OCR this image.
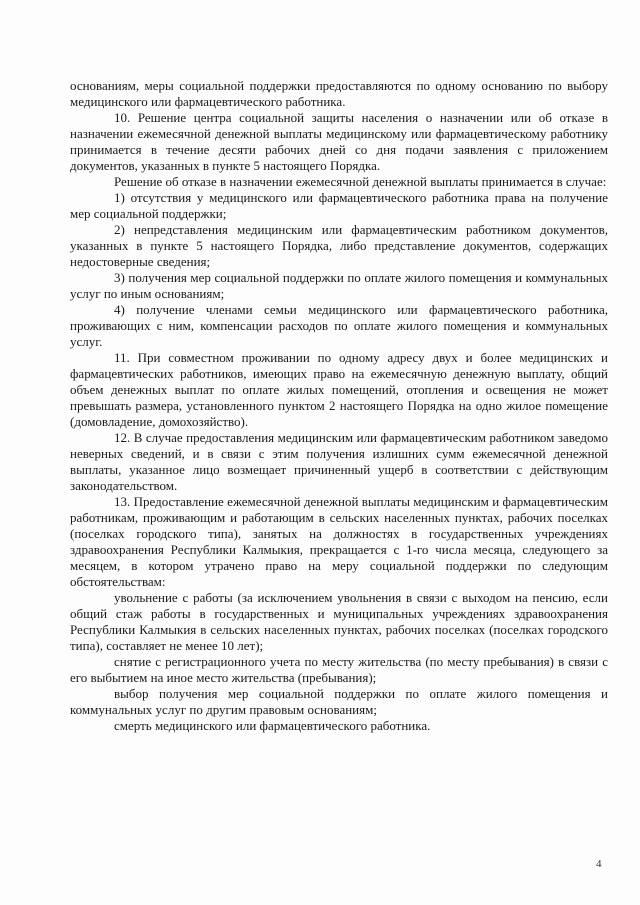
основаниям, меры социальной поддержки предоставляются по одному основанию по выбору медицинского или фармацевтического работника.

10. Решение центра социальной защиты населения о назначении или об отказе в назначении ежемесячной денежной выплаты медицинскому или фармацевтическому работнику принимается в течение десяти рабочих дней со дня подачи заявления с приложением документов, указанных в пункте 5 настоящего Порядка.

Решение об отказе в назначении ежемесячной денежной выплаты принимается в случае:

1) отсутствия у медицинского или фармацевтического работника права на получение мер социальной поддержки;

2) непредставления медицинским или фармацевтическим работником документов, указанных в пункте 5 настоящего Порядка, либо представление документов, содержащих недостоверные сведения;

3) получения мер социальной поддержки по оплате жилого помещения и коммунальных услуг по иным основаниям;

4) получение членами семьи медицинского или фармацевтического работника, проживающих с ним, компенсации расходов по оплате жилого помещения и коммунальных услуг.

11. При совместном проживании по одному адресу двух и более медицинских и фармацевтических работников, имеющих право на ежемесячную денежную выплату, общий объем денежных выплат по оплате жилых помещений, отопления и освещения не может превышать размера, установленного пунктом 2 настоящего Порядка на одно жилое помещение (домовладение, домохозяйство).

12. В случае предоставления медицинским или фармацевтическим работником заведомо неверных сведений, и в связи с этим получения излишних сумм ежемесячной денежной выплаты, указанное лицо возмещает причиненный ущерб в соответствии с действующим законодательством.

13. Предоставление ежемесячной денежной выплаты медицинским и фармацевтическим работникам, проживающим и работающим в сельских населенных пунктах, рабочих поселках (поселках городского типа), занятых на должностях в государственных учреждениях здравоохранения Республики Калмыкия, прекращается с 1-го числа месяца, следующего за месяцем, в котором утрачено право на меру социальной поддержки по следующим обстоятельствам:

увольнение с работы (за исключением увольнения в связи с выходом на пенсию, если общий стаж работы в государственных и муниципальных учреждениях здравоохранения Республики Калмыкия в сельских населенных пунктах, рабочих поселках (поселках городского типа), составляет не менее 10 лет);

снятие с регистрационного учета по месту жительства (по месту пребывания) в связи с его выбытием на иное место жительства (пребывания);

выбор получения мер социальной поддержки по оплате жилого помещения и коммунальных услуг по другим правовым основаниям;

смерть медицинского или фармацевтического работника.

4
